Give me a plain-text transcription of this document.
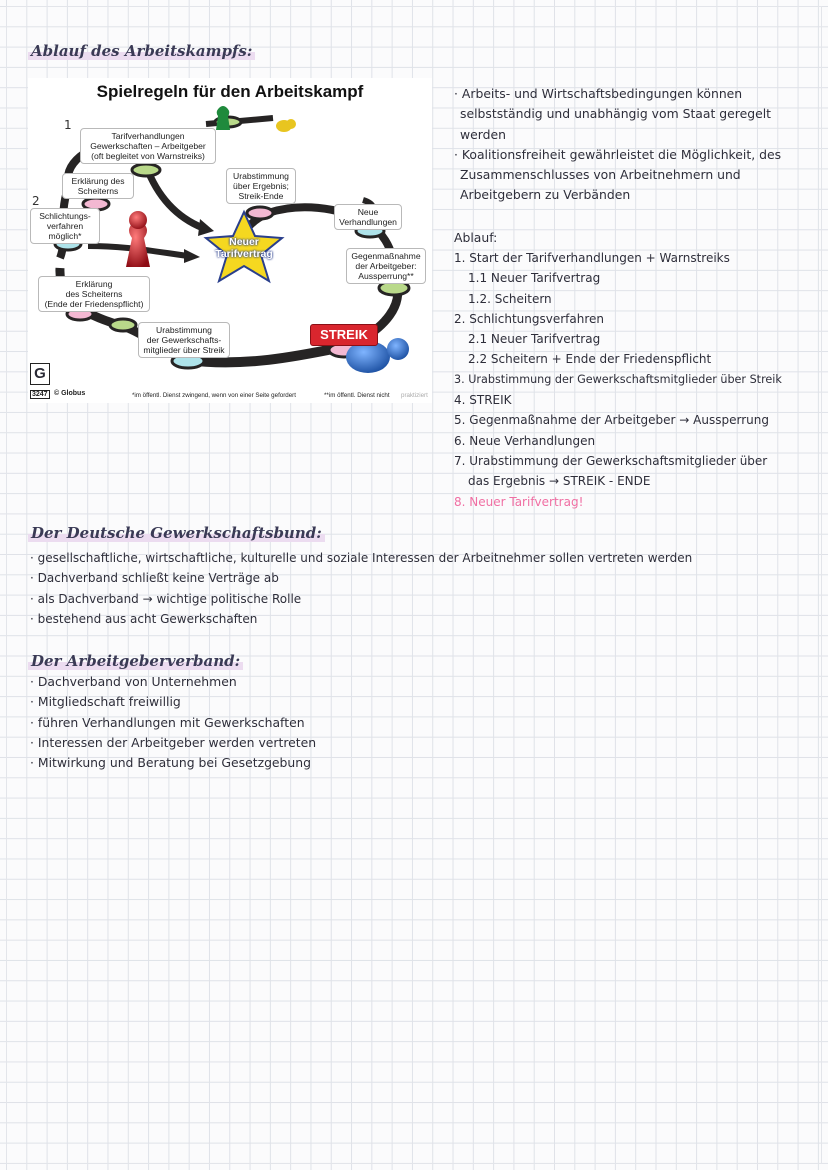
Ablauf des Arbeitskampfs:
Spielregeln für den Arbeitskampf
1
2
Tarifverhandlungen
Gewerkschaften – Arbeitgeber
(oft begleitet von Warnstreiks)
Erklärung des
Scheiterns
Schlichtungs-
verfahren
möglich*
Erklärung
des Scheiterns
(Ende der Friedenspflicht)
Urabstimmung
der Gewerkschafts-
mitglieder über Streik
Urabstimmung
über Ergebnis;
Streik-Ende
Neue
Verhandlungen
Gegenmaßnahme
der Arbeitgeber:
Aussperrung**
Neuer
Tarifvertrag
STREIK
G
3247 © Globus	*im öffentl. Dienst zwingend, wenn von einer Seite gefordert	**im öffentl. Dienst nicht praktiziert
· Arbeits- und Wirtschaftsbedingungen können
selbstständig und unabhängig vom Staat geregelt
werden
· Koalitionsfreiheit gewährleistet die Möglichkeit, des
Zusammenschlusses von Arbeitnehmern und
Arbeitgebern zu Verbänden
Ablauf:
1. Start der Tarifverhandlungen + Warnstreiks
1.1 Neuer Tarifvertrag
1.2. Scheitern
2. Schlichtungsverfahren
2.1 Neuer Tarifvertrag
2.2 Scheitern + Ende der Friedenspflicht
3. Urabstimmung der Gewerkschaftsmitglieder über Streik
4. STREIK
5. Gegenmaßnahme der Arbeitgeber → Aussperrung
6. Neue Verhandlungen
7. Urabstimmung der Gewerkschaftsmitglieder über
das Ergebnis → STREIK - ENDE
8. Neuer Tarifvertrag!
Der Deutsche Gewerkschaftsbund:
· gesellschaftliche, wirtschaftliche, kulturelle und soziale Interessen der Arbeitnehmer sollen vertreten werden
· Dachverband schließt keine Verträge ab
· als Dachverband → wichtige politische Rolle
· bestehend aus acht Gewerkschaften
Der Arbeitgeberverband:
· Dachverband von Unternehmen
· Mitgliedschaft freiwillig
· führen Verhandlungen mit Gewerkschaften
· Interessen der Arbeitgeber werden vertreten
· Mitwirkung und Beratung bei Gesetzgebung
